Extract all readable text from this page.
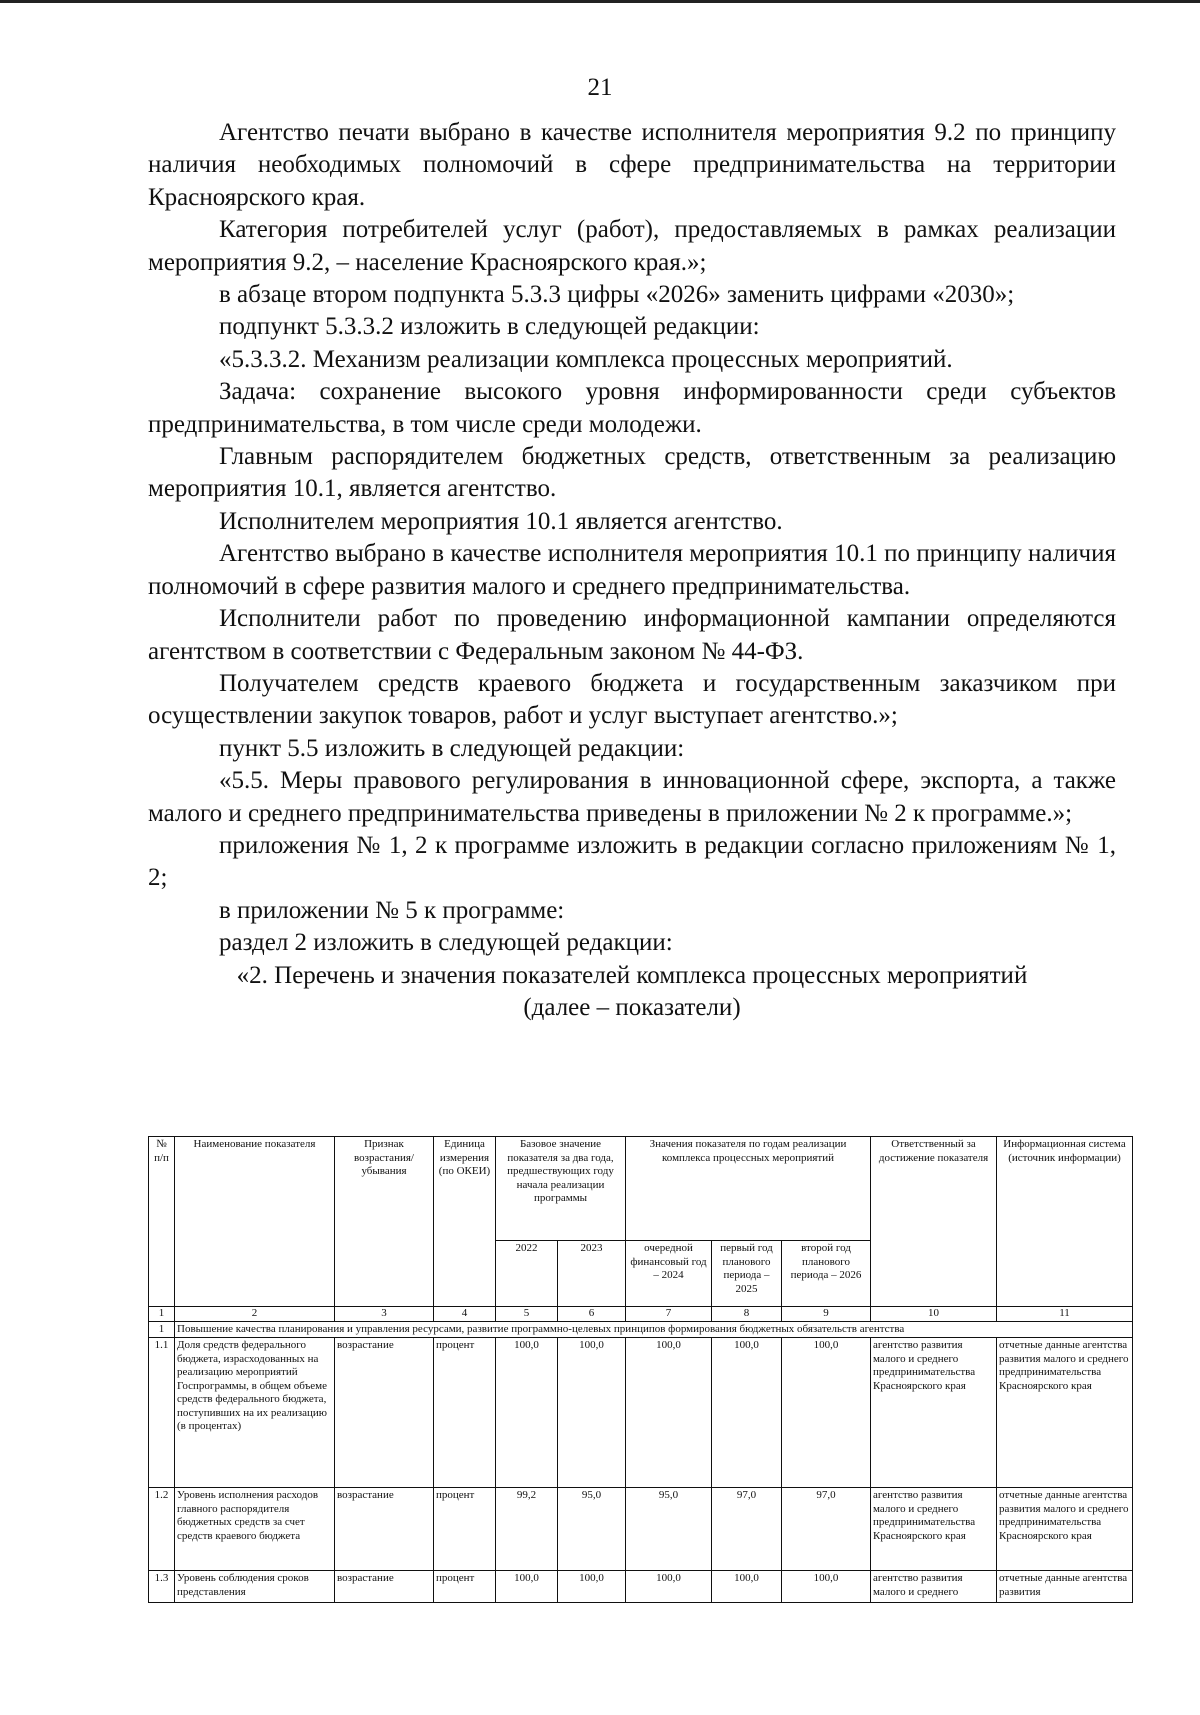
21

Агентство печати выбрано в качестве исполнителя мероприятия 9.2 по принципу наличия необходимых полномочий в сфере предпринимательства на территории Красноярского края.

Категория потребителей услуг (работ), предоставляемых в рамках реализации мероприятия 9.2, – население Красноярского края.»;

в абзаце втором подпункта 5.3.3 цифры «2026» заменить цифрами «2030»;

подпункт 5.3.3.2 изложить в следующей редакции:

«5.3.3.2. Механизм реализации комплекса процессных мероприятий.

Задача: сохранение высокого уровня информированности среди субъектов предпринимательства, в том числе среди молодежи.

Главным распорядителем бюджетных средств, ответственным за реализацию мероприятия 10.1, является агентство.

Исполнителем мероприятия 10.1 является агентство.

Агентство выбрано в качестве исполнителя мероприятия 10.1 по принципу наличия полномочий в сфере развития малого и среднего предпринимательства.

Исполнители работ по проведению информационной кампании определяются агентством в соответствии с Федеральным законом № 44-ФЗ.

Получателем средств краевого бюджета и государственным заказчиком при осуществлении закупок товаров, работ и услуг выступает агентство.»;

пункт 5.5 изложить в следующей редакции:

«5.5. Меры правового регулирования в инновационной сфере, экспорта, а также малого и среднего предпринимательства приведены в приложении № 2 к программе.»;

приложения № 1, 2 к программе изложить в редакции согласно приложениям № 1, 2;

в приложении № 5 к программе:

раздел 2 изложить в следующей редакции:

«2. Перечень и значения показателей комплекса процессных мероприятий
(далее – показатели)
№ п/п	Наименование показателя	Признак возрастания/ убывания	Единица измерения (по ОКЕИ)	Базовое значение показателя за два года, предшествующих году начала реализации программы		Значения показателя по годам реализации комплекса процессных мероприятий			Ответственный за достижение показателя	Информационная система (источник информации)
				2022	2023	очередной финансовый год – 2024	первый год планового периода – 2025	второй год планового периода – 2026		
1	2	3	4	5	6	7	8	9	10	11
1	Повышение качества планирования и управления ресурсами, развитие программно-целевых принципов формирования бюджетных обязательств агентства									
1.1	Доля средств федерального бюджета, израсходованных на реализацию мероприятий Госпрограммы, в общем объеме средств федерального бюджета, поступивших на их реализацию (в процентах)	возрастание	процент	100,0	100,0	100,0	100,0	100,0	агентство развития малого и среднего предпринимательства Красноярского края	отчетные данные агентства развития малого и среднего предпринимательства Красноярского края
1.2	Уровень исполнения расходов главного распорядителя бюджетных средств за счет средств краевого бюджета	возрастание	процент	99,2	95,0	95,0	97,0	97,0	агентство развития малого и среднего предпринимательства Красноярского края	отчетные данные агентства развития малого и среднего предпринимательства Красноярского края
1.3	Уровень соблюдения сроков представления	возрастание	процент	100,0	100,0	100,0	100,0	100,0	агентство развития малого и среднего	отчетные данные агентства развития
